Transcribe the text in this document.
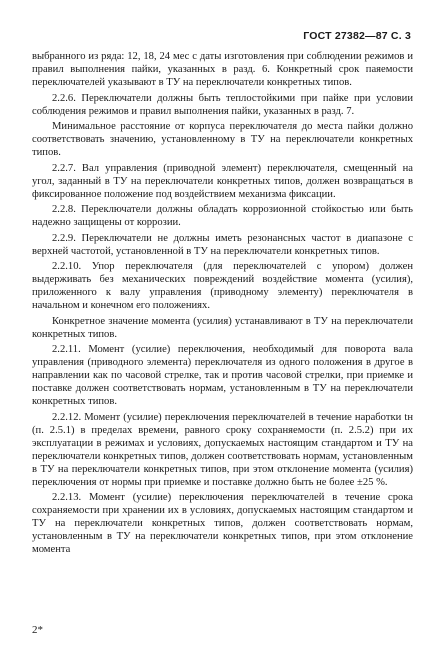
ГОСТ 27382—87 С. 3

выбранного из ряда: 12, 18, 24 мес с даты изготовления при соблюдении режимов и правил выполнения пайки, указанных в разд. 6. Конкретный срок паяемости переключателей указывают в ТУ на переключатели конкретных типов.

2.2.6. Переключатели должны быть теплостойкими при пайке при условии соблюдения режимов и правил выполнения пайки, указанных в разд. 7.

Минимальное расстояние от корпуса переключателя до места пайки должно соответствовать значению, установленному в ТУ на переключатели конкретных типов.

2.2.7. Вал управления (приводной элемент) переключателя, смещенный на угол, заданный в ТУ на переключатели конкретных типов, должен возвращаться в фиксированное положение под воздействием механизма фиксации.

2.2.8. Переключатели должны обладать коррозионной стойкостью или быть надежно защищены от коррозии.

2.2.9. Переключатели не должны иметь резонансных частот в диапазоне с верхней частотой, установленной в ТУ на переключатели конкретных типов.

2.2.10. Упор переключателя (для переключателей с упором) должен выдерживать без механических повреждений воздействие момента (усилия), приложенного к валу управления (приводному элементу) переключателя в начальном и конечном его положениях.

Конкретное значение момента (усилия) устанавливают в ТУ на переключатели конкретных типов.

2.2.11. Момент (усилие) переключения, необходимый для поворота вала управления (приводного элемента) переключателя из одного положения в другое в направлении как по часовой стрелке, так и против часовой стрелки, при приемке и поставке должен соответствовать нормам, установленным в ТУ на переключатели конкретных типов.

2.2.12. Момент (усилие) переключения переключателей в течение наработки tн (п. 2.5.1) в пределах времени, равного сроку сохраняемости (п. 2.5.2) при их эксплуатации в режимах и условиях, допускаемых настоящим стандартом и ТУ на переключатели конкретных типов, должен соответствовать нормам, установленным в ТУ на переключатели конкретных типов, при этом отклонение момента (усилия) переключения от нормы при приемке и поставке должно быть не более ±25 %.

2.2.13. Момент (усилие) переключения переключателей в течение срока сохраняемости при хранении их в условиях, допускаемых настоящим стандартом и ТУ на переключатели конкретных типов, должен соответствовать нормам, установленным в ТУ на переключатели конкретных типов, при этом отклонение момента

2*
